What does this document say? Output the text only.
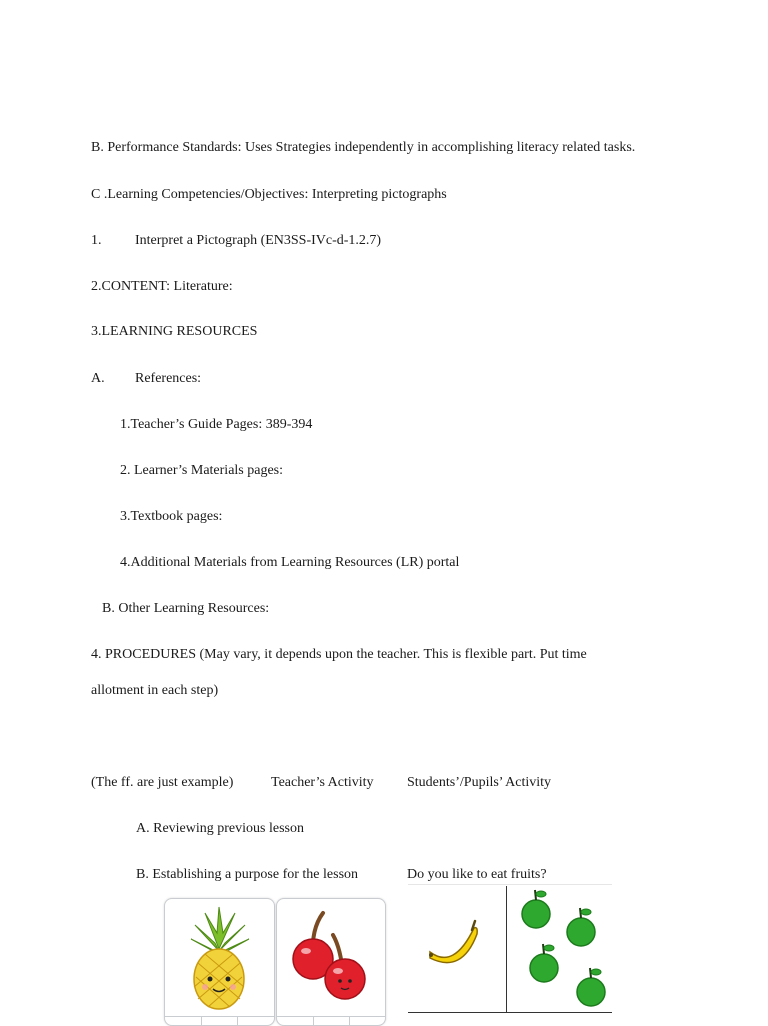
B. Performance Standards: Uses Strategies independently in accomplishing literacy related tasks.
C .Learning Competencies/Objectives: Interpreting pictographs
1. Interpret a Pictograph (EN3SS-IVc-d-1.2.7)
2.CONTENT: Literature:
3.LEARNING RESOURCES
A. References:
1.Teacher’s Guide Pages: 389-394
2. Learner’s Materials pages:
3.Textbook pages:
4.Additional Materials from Learning Resources (LR) portal
B. Other Learning Resources:
4. PROCEDURES (May vary, it depends upon the teacher. This is flexible part. Put time
allotment in each step)
(The ff. are just example)	Teacher’s Activity Students’/Pupils’ Activity
A. Reviewing previous lesson
B. Establishing a purpose for the lesson	Do you like to eat fruits?
